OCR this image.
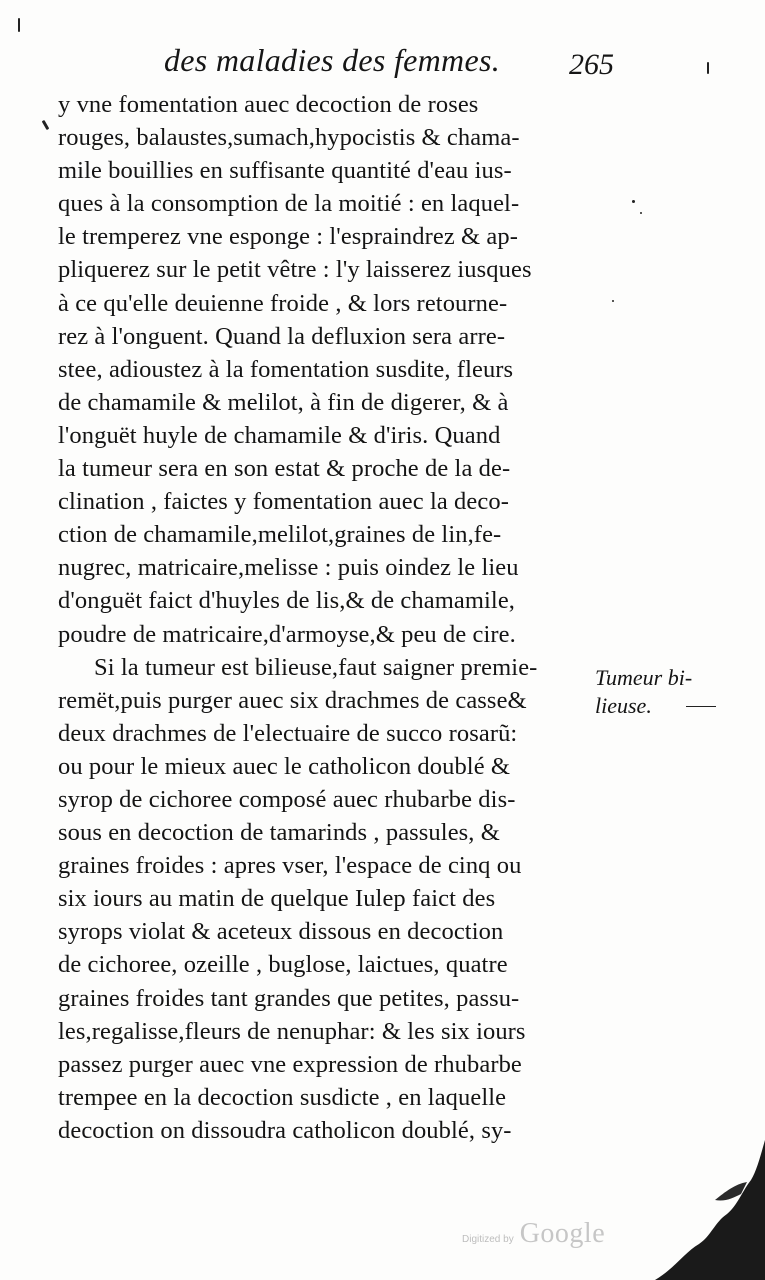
des maladies des femmes. 265
y vne fomentation auec decoction de roses
rouges, balaustes,sumach,hypocistis & chama-
mile bouillies en suffisante quantité d'eau ius-
ques à la consomption de la moitié : en laquel-
le tremperez vne esponge : l'espraindrez & ap-
pliquerez sur le petit vêtre : l'y laisserez iusques
à ce qu'elle deuienne froide , & lors retourne-
rez à l'onguent. Quand la defluxion sera arre-
stee, adioustez à la fomentation susdite, fleurs
de chamamile & melilot, à fin de digerer, & à
l'onguët huyle de chamamile & d'iris. Quand
la tumeur sera en son estat & proche de la de-
clination , faictes y fomentation auec la deco-
ction de chamamile,melilot,graines de lin,fe-
nugrec, matricaire,melisse : puis oindez le lieu
d'onguët faict d'huyles de lis,& de chamamile,
poudre de matricaire,d'armoyse,& peu de cire.
Si la tumeur est bilieuse,faut saigner premie-
remët,puis purger auec six drachmes de casse&
deux drachmes de l'electuaire de succo rosarũ:
ou pour le mieux auec le catholicon doublé &
syrop de cichoree composé auec rhubarbe dis-
sous en decoction de tamarinds , passules, &
graines froides : apres vser, l'espace de cinq ou
six iours au matin de quelque Iulep faict des
syrops violat & aceteux dissous en decoction
de cichoree, ozeille , buglose, laictues, quatre
graines froides tant grandes que petites, passu-
les,regalisse,fleurs de nenuphar: & les six iours
passez purger auec vne expression de rhubarbe
trempee en la decoction susdicte , en laquelle
decoction on dissoudra catholicon doublé, sy-
Tumeur bi-
lieuse.
Digitized by Google
